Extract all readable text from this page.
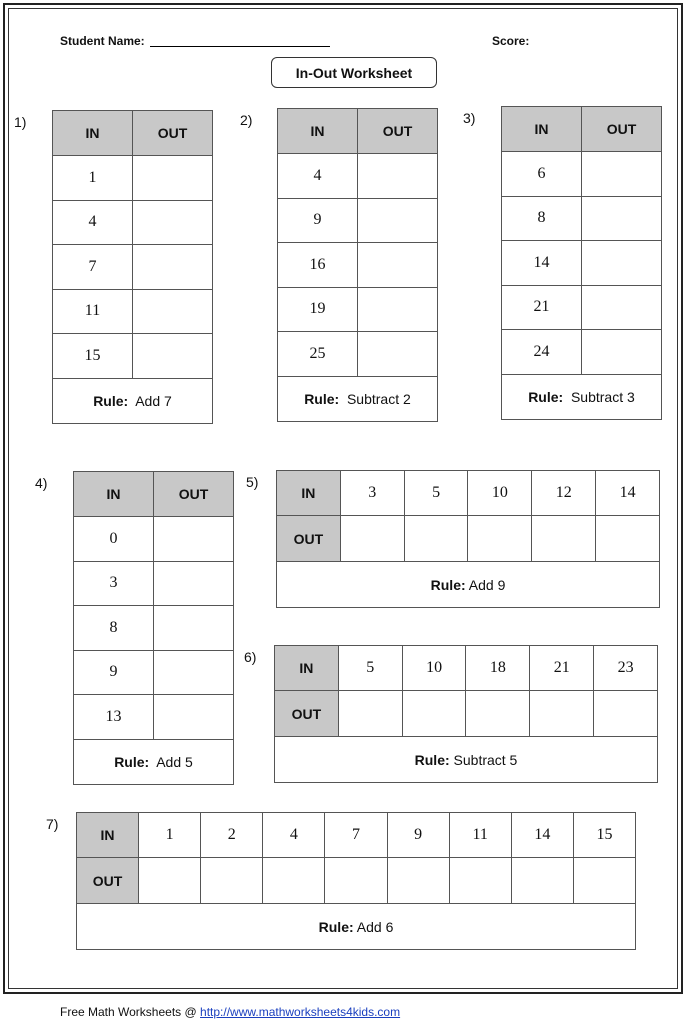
Student Name:	Score:
In-Out Worksheet
1)	2)	3)
4)	5)
6)
7)
IN	OUT
1	
4	
7	
11	
15	
Rule: Add 7	
IN	OUT
4	
9	
16	
19	
25	
Rule: Subtract 2	
IN	OUT
6	
8	
14	
21	
24	
Rule: Subtract 3	
IN	OUT
0	
3	
8	
9	
13	
Rule: Add 5	
IN	3	5	10	12	14
OUT					
Rule: Add 9					
IN	5	10	18	21	23
OUT					
Rule: Subtract 5					
IN	1	2	4	7	9	11	14	15
OUT								
Rule: Add 6								
Free Math Worksheets @ http://www.mathworksheets4kids.com
